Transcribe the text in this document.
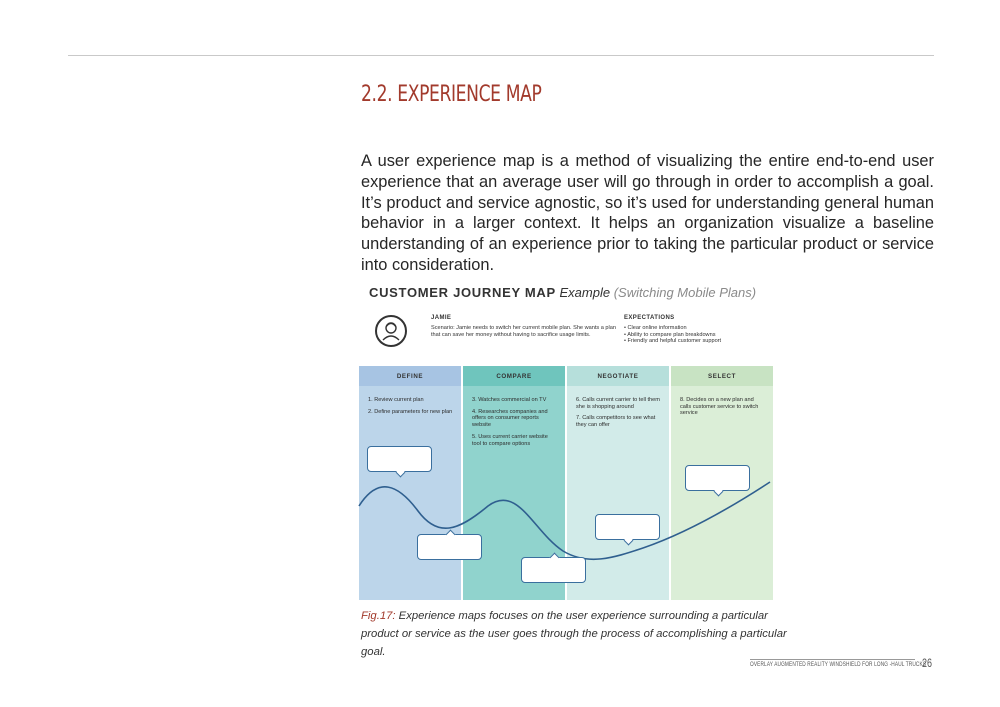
2.2. EXPERIENCE MAP

A user experience map is a method of visualizing the entire end-to-end user experience that an average user will go through in order to accomplish a goal. It’s product and service agnostic, so it’s used for understanding general human behavior in a larger context. It helps an organization visualize a baseline understanding of an experience prior to taking the particular product or service into consideration.

CUSTOMER JOURNEY MAP Example (Switching Mobile Plans)
JAMIE
Scenario: Jamie needs to switch her current mobile plan. She wants a plan that can save her money without having to sacrifice usage limits.
EXPECTATIONS
• Clear online information
• Ability to compare plan breakdowns
• Friendly and helpful customer support
DEFINE
1. Review current plan
2. Define parameters for new plan
COMPARE
3. Watches commercial on TV
4. Researches companies and offers on consumer reports website
5. Uses current carrier website tool to compare options
NEGOTIATE
6. Calls current carrier to tell them she is shopping around
7. Calls competitors to see what they can offer
SELECT
8. Decides on a new plan and calls customer service to switch service

Fig.17: Experience maps focuses on the user experience surrounding a particular product or service as the user goes through the process of accomplishing a particular goal.

OVERLAY AUGMENTED REALITY WINDSHIELD FOR LONG -HAUL TRUCKS
26
